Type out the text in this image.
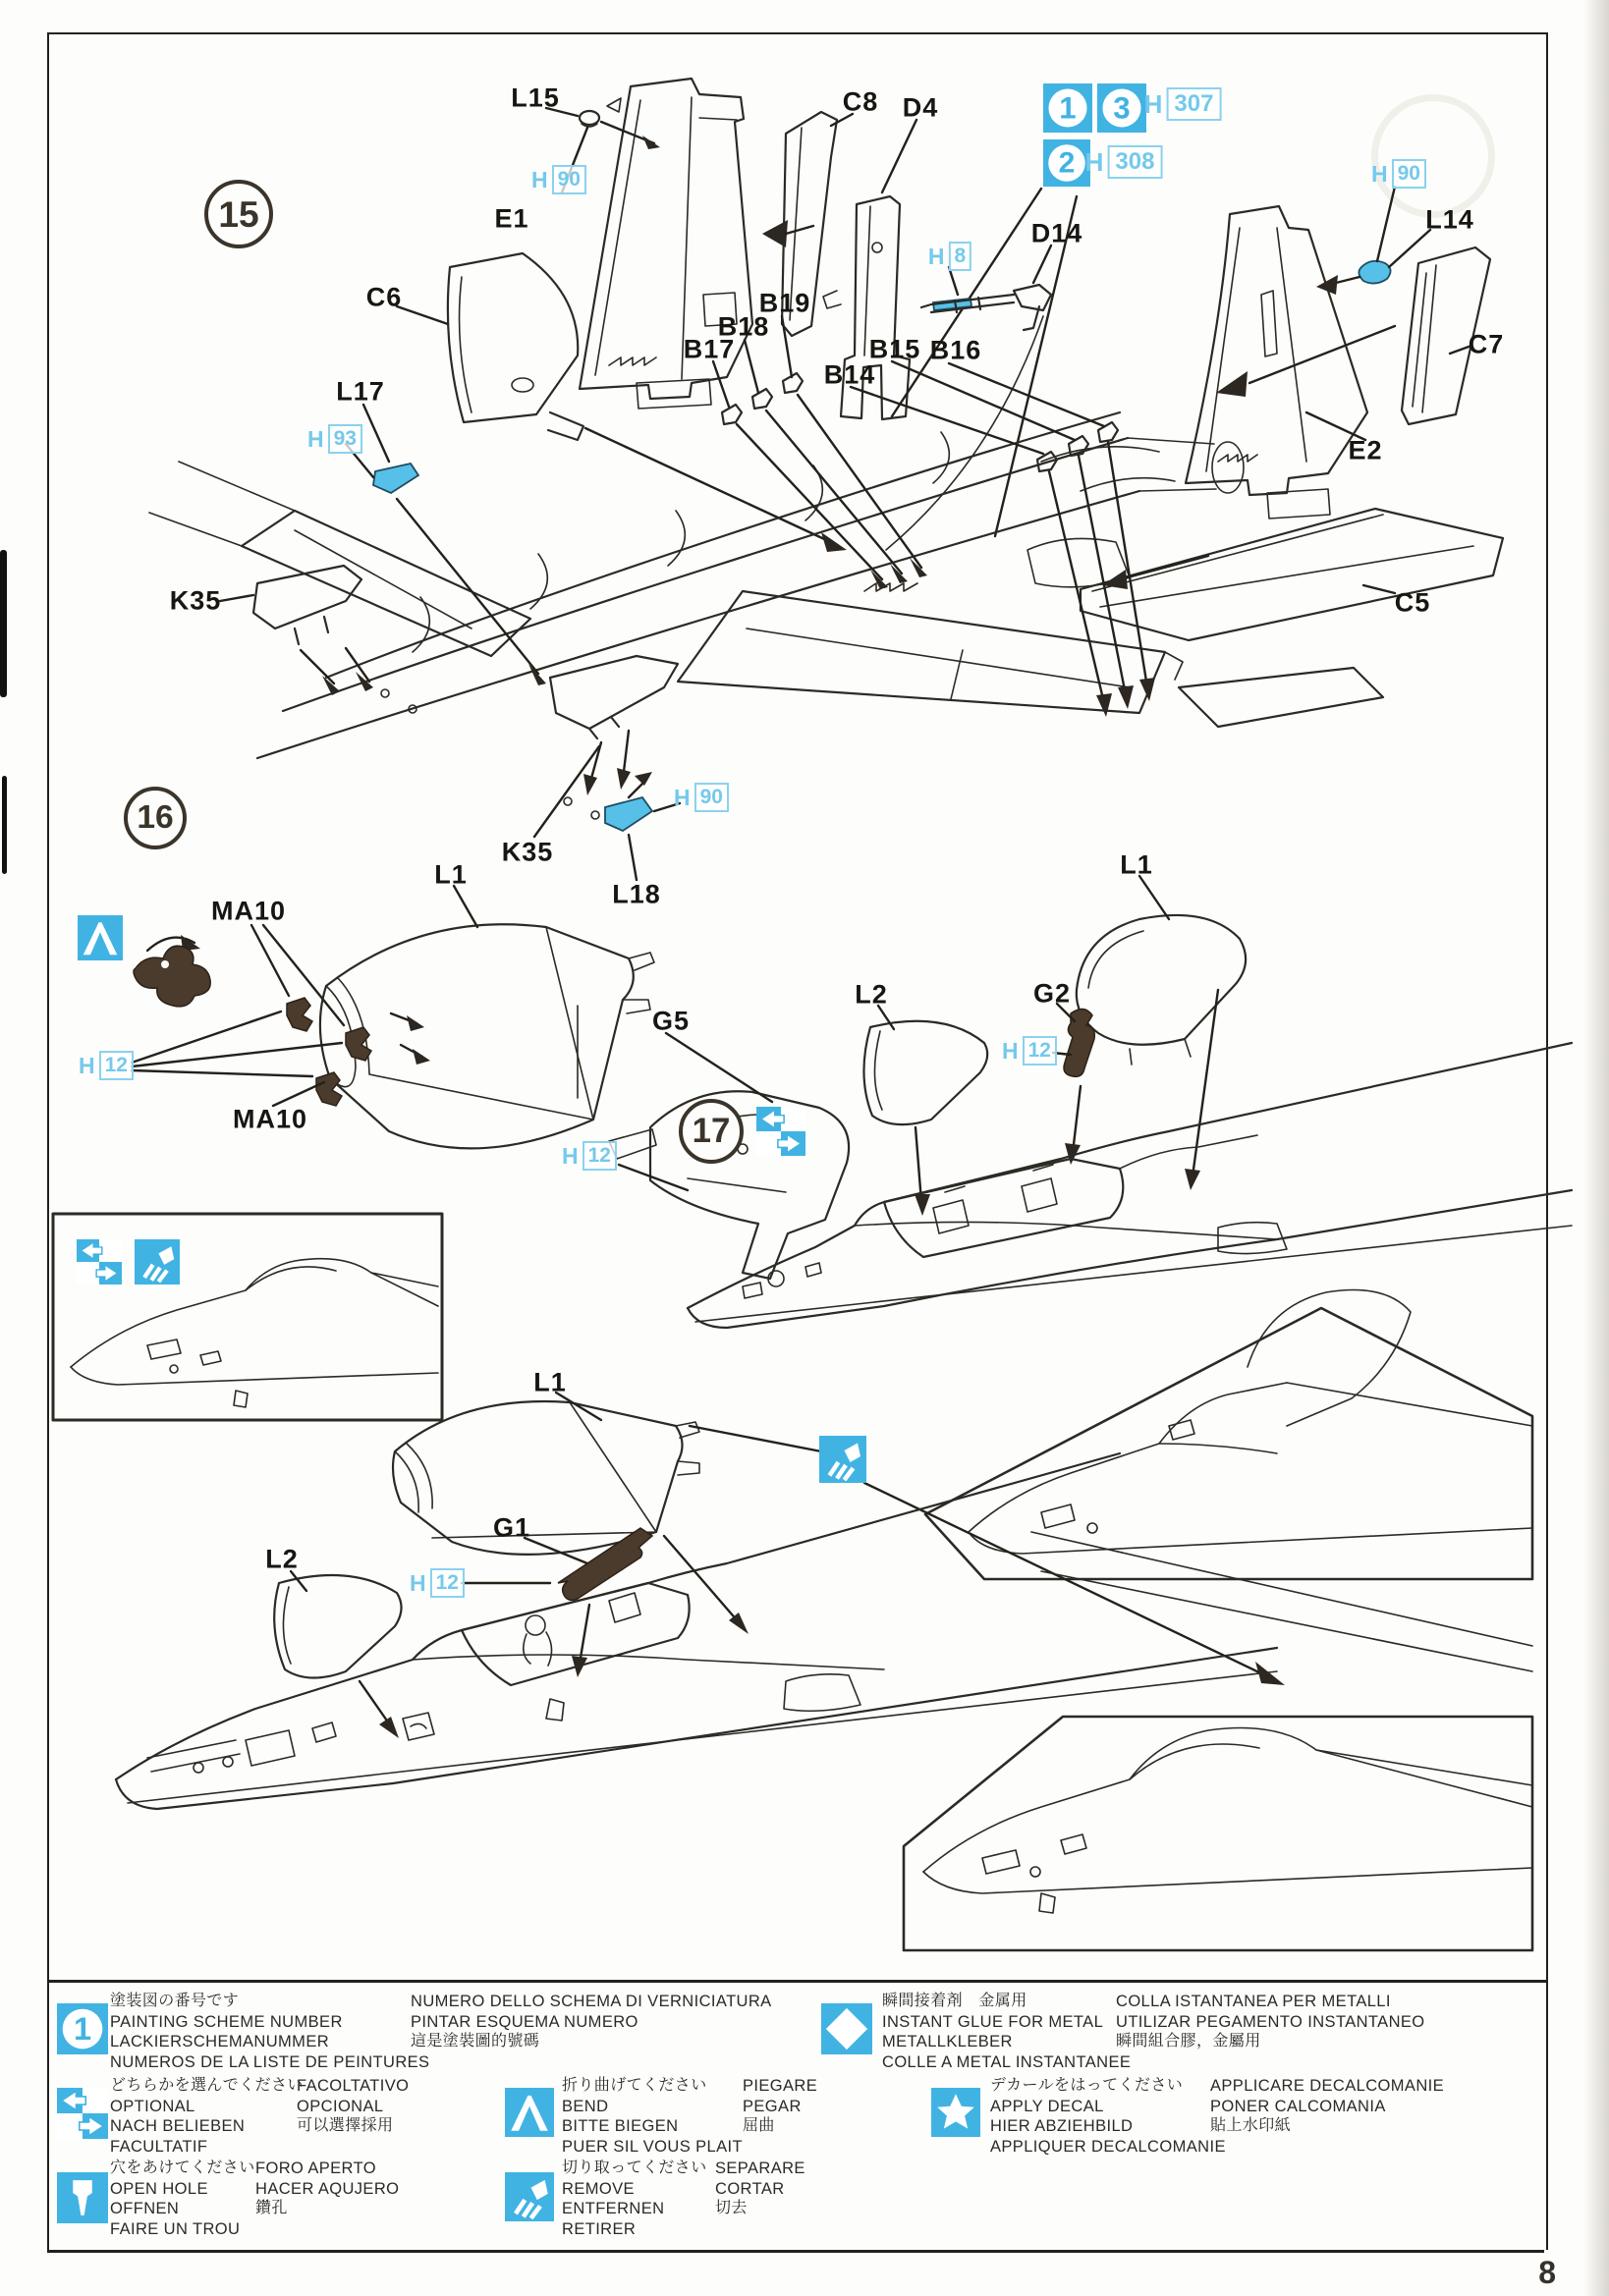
8
15
16
17
1 3
2
L15
E1
C8 D4
D14
C6
L17
K35
B17
B18
B19
B14
B15 B16
C5
L14
C7
E2
K35
L18
L1
MA10
MA10
G5
L1
L2	G2
L1
L2
G1
H 90
H 93
H 8
H 90
H 90
H 12
H 12
H 12
H 12
H 307
H 308
1
塗装図の番号です
PAINTING SCHEME NUMBER
LACKIERSCHEMANUMMER
NUMEROS DE LA LISTE DE PEINTURES
NUMERO DELLO SCHEMA DI VERNICIATURA
PINTAR ESQUEMA NUMERO
這是塗裝圖的號碼
どちらかを選んでください
OPTIONAL
NACH BELIEBEN
FACULTATIF
FACOLTATIVO
OPCIONAL
可以選擇採用
穴をあけてください
OPEN HOLE
OFFNEN
FAIRE UN TROU
FORO APERTO
HACER AQUJERO
鑽孔
折り曲げてください
BEND
BITTE BIEGEN
PUER SIL VOUS PLAIT
PIEGARE
PEGAR
屈曲
切り取ってください
REMOVE
ENTFERNEN
RETIRER
SEPARARE
CORTAR
切去
瞬間接着剤　金属用
INSTANT GLUE FOR METAL
METALLKLEBER
COLLE A METAL INSTANTANEE
COLLA ISTANTANEA PER METALLI
UTILIZAR PEGAMENTO INSTANTANEO
瞬間組合膠，金屬用
デカールをはってください
APPLY DECAL
HIER ABZIEHBILD
APPLIQUER DECALCOMANIE
APPLICARE DECALCOMANIE
PONER CALCOMANIA
貼上水印紙
